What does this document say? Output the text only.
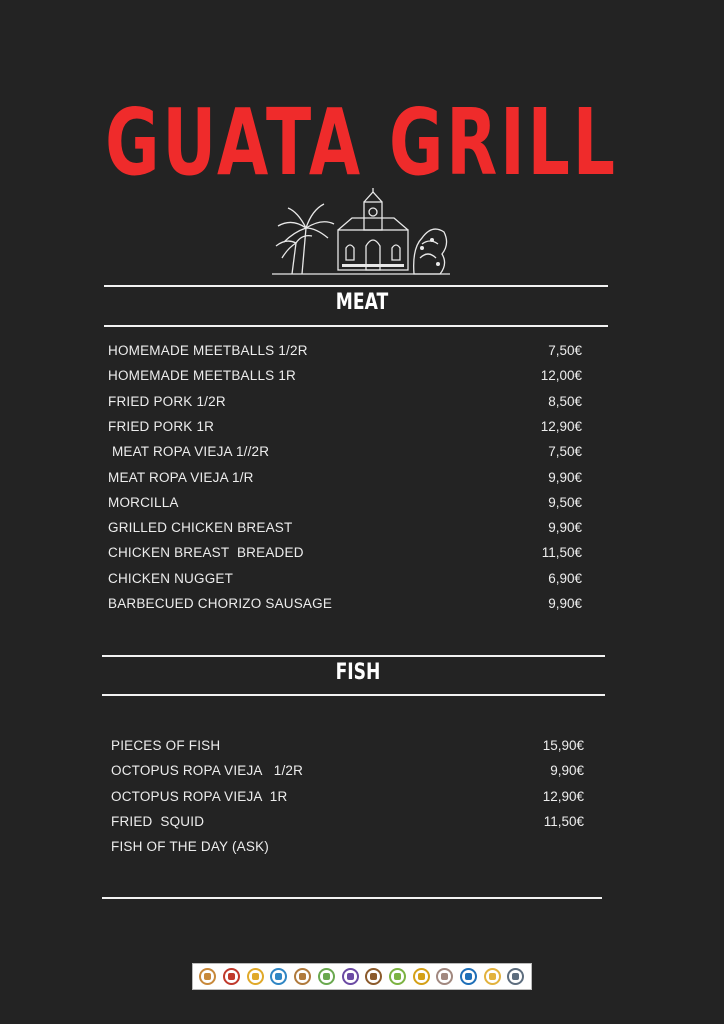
GUATA GRILL
MEAT
HOMEMADE MEETBALLS 1/2R	7,50€
HOMEMADE MEETBALLS 1R	12,00€
FRIED PORK 1/2R	8,50€
FRIED PORK 1R	12,90€
MEAT ROPA VIEJA 1//2R	7,50€
MEAT ROPA VIEJA 1/R	9,90€
MORCILLA	9,50€
GRILLED CHICKEN BREAST	9,90€
CHICKEN BREAST  BREADED	11,50€
CHICKEN NUGGET	6,90€
BARBECUED CHORIZO SAUSAGE	9,90€
FISH
PIECES OF FISH	15,90€
OCTOPUS ROPA VIEJA   1/2R	9,90€
OCTOPUS ROPA VIEJA  1R	12,90€
FRIED  SQUID	11,50€
FISH OF THE DAY (ASK)
